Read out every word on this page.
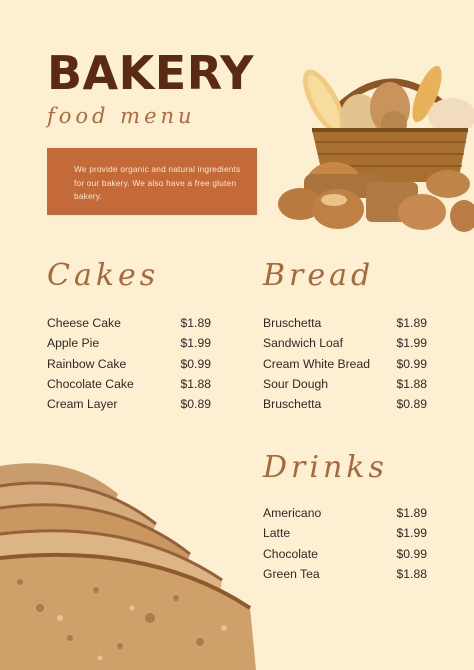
BAKERY
food menu
We provide organic and natural ingredients for our bakery. We also have a free gluten bakery.
Cakes
Cheese Cake	$1.89
Apple Pie	$1.99
Rainbow Cake	$0.99
Chocolate Cake	$1.88
Cream Layer	$0.89
Bread
Bruschetta	$1.89
Sandwich Loaf	$1.99
Cream White Bread $0.99
Sour Dough	$1.88
Bruschetta	$0.89
Drinks
Americano	$1.89
Latte	$1.99
Chocolate	$0.99
Green Tea	$1.88
